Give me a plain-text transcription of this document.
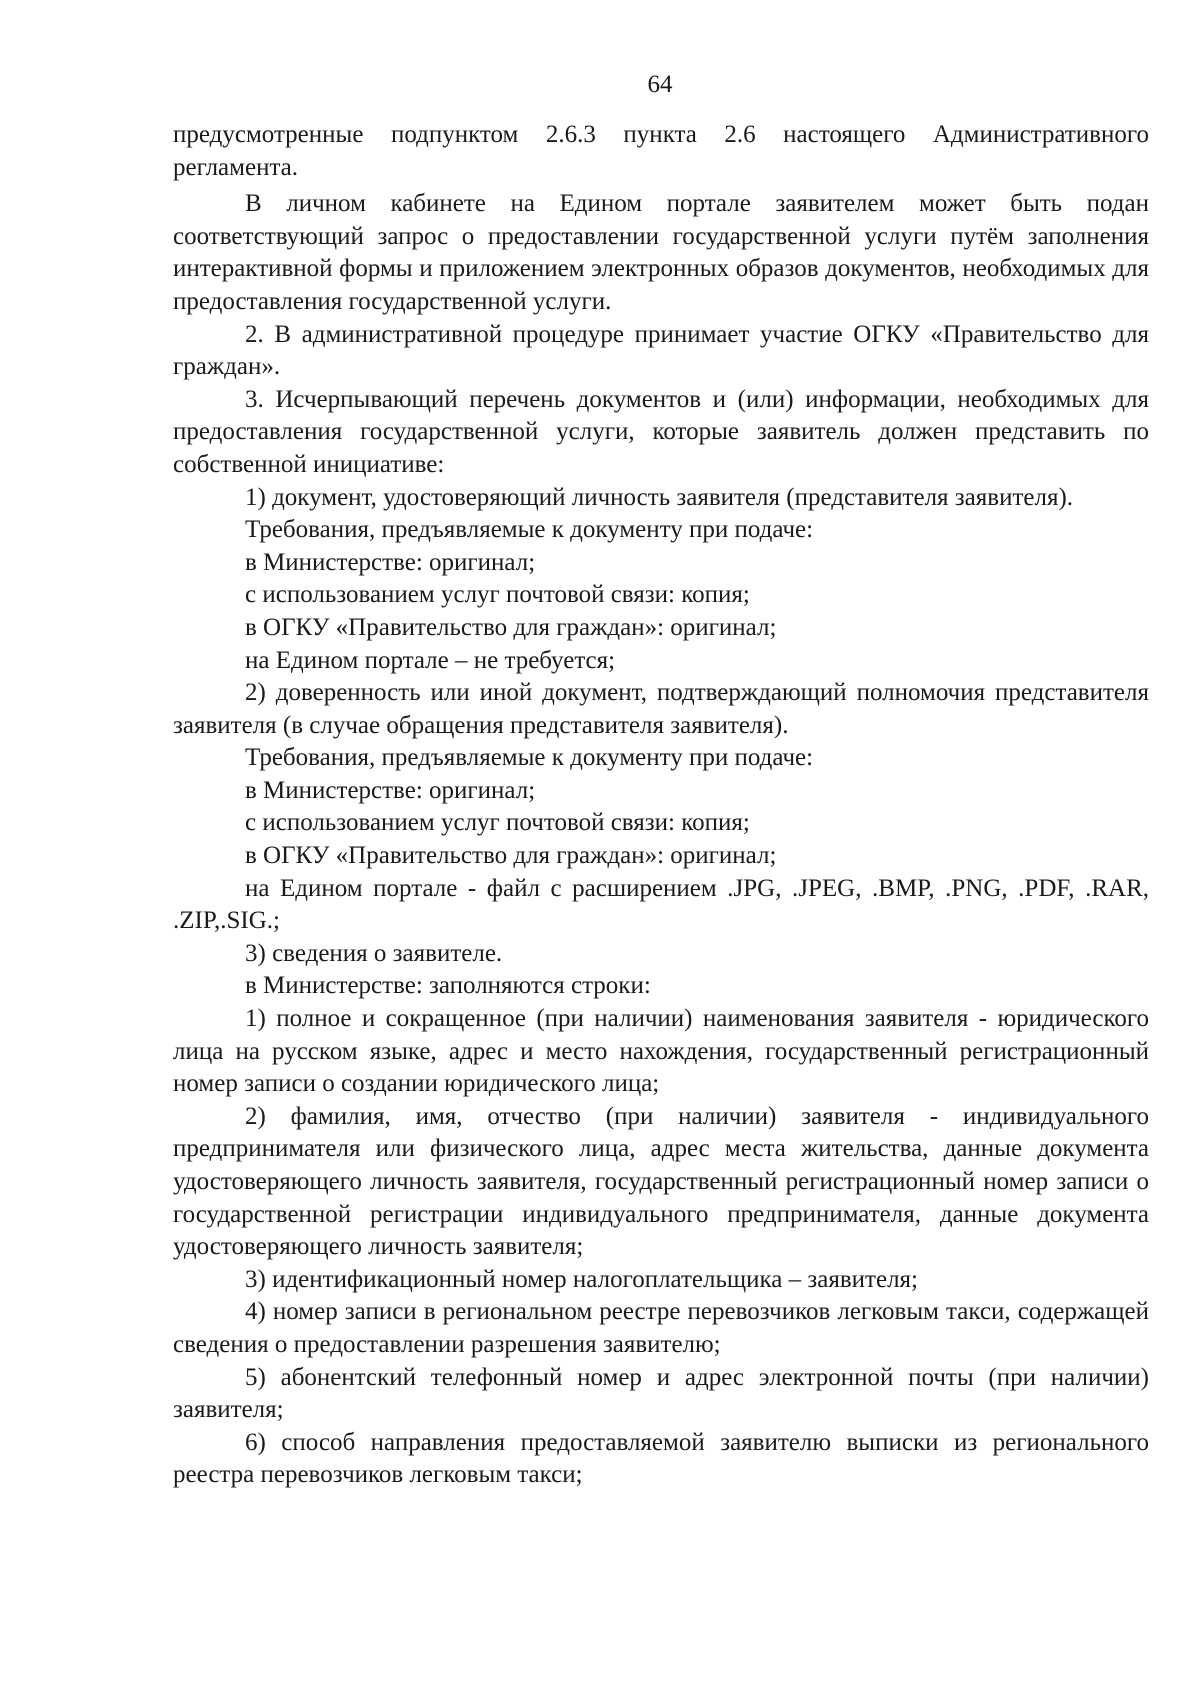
64

предусмотренные подпунктом 2.6.3 пункта 2.6 настоящего Административного регламента.

В личном кабинете на Едином портале заявителем может быть подан соответствующий запрос о предоставлении государственной услуги путём заполнения интерактивной формы и приложением электронных образов документов, необходимых для предоставления государственной услуги.

2. В административной процедуре принимает участие ОГКУ «Правительство для граждан».

3. Исчерпывающий перечень документов и (или) информации, необходимых для предоставления государственной услуги, которые заявитель должен представить по собственной инициативе:

1) документ, удостоверяющий личность заявителя (представителя заявителя).

Требования, предъявляемые к документу при подаче:

в Министерстве: оригинал;

с использованием услуг почтовой связи: копия;

в ОГКУ «Правительство для граждан»: оригинал;

на Едином портале – не требуется;

2) доверенность или иной документ, подтверждающий полномочия представителя заявителя (в случае обращения представителя заявителя).

Требования, предъявляемые к документу при подаче:

в Министерстве: оригинал;

с использованием услуг почтовой связи: копия;

в ОГКУ «Правительство для граждан»: оригинал;

на Едином портале - файл с расширением .JPG, .JPEG, .BMP, .PNG, .PDF, .RAR, .ZIP,.SIG.;

3) сведения о заявителе.

в Министерстве: заполняются строки:

1) полное и сокращенное (при наличии) наименования заявителя - юридического лица на русском языке, адрес и место нахождения, государственный регистрационный номер записи о создании юридического лица;

2) фамилия, имя, отчество (при наличии) заявителя - индивидуального предпринимателя или физического лица, адрес места жительства, данные документа удостоверяющего личность заявителя, государственный регистрационный номер записи о государственной регистрации индивидуального предпринимателя, данные документа удостоверяющего личность заявителя;

3) идентификационный номер налогоплательщика – заявителя;

4) номер записи в региональном реестре перевозчиков легковым такси, содержащей сведения о предоставлении разрешения заявителю;

5) абонентский телефонный номер и адрес электронной почты (при наличии) заявителя;

6) способ направления предоставляемой заявителю выписки из регионального реестра перевозчиков легковым такси;
